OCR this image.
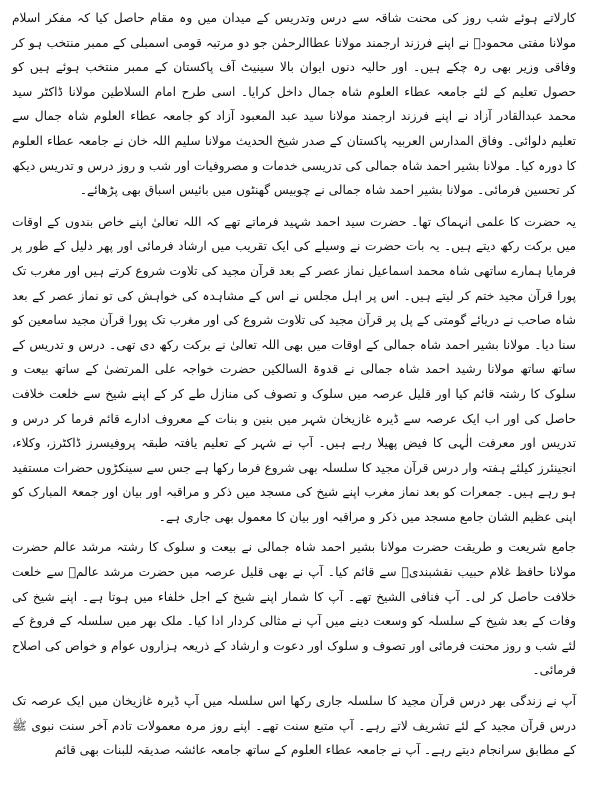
کارلاتے ہوئے شب روز کی محنت شاقہ سے درس وتدریس کے میدان میں وہ مقام حاصل کیا کہ مفکر اسلام مولانا مفتی محمودؒ نے اپنے فرزند ارجمند مولانا عطاالرحمٰن جو دو مرتبہ قومی اسمبلی کے ممبر منتخب ہو کر وفاقی وزیر بھی رہ چکے ہیں۔ اور حالیہ دنوں ایوان بالا سینیٹ آف پاکستان کے ممبر منتخب ہوئے ہیں کو حصول تعلیم کے لئے جامعہ عطاء العلوم شاہ جمال داخل کرایا۔ اسی طرح امام السلاطین مولانا ڈاکٹر سید محمد عبدالقادر آزاد نے اپنے فرزند ارجمند مولانا سید عبد المعبود آزاد کو جامعہ عطاء العلوم شاہ جمال سے تعلیم دلوائی۔ وفاق المدارس العربیہ پاکستان کے صدر شیخ الحدیث مولانا سلیم اللہ خان نے جامعہ عطاء العلوم کا دورہ کیا۔ مولانا بشیر احمد شاہ جمالی کی تدریسی خدمات و مصروفیات اور شب و روز درس و تدریس دیکھ کر تحسین فرمائی۔ مولانا بشیر احمد شاہ جمالی نے چوبیس گھنٹوں میں بائیس اسباق بھی پڑھائے۔

یہ حضرت کا علمی انہماک تھا۔ حضرت سید احمد شہید فرماتے تھے کہ اللہ تعالیٰ اپنے خاص بندوں کے اوقات میں برکت رکھ دیتے ہیں۔ یہ بات حضرت نے وسیلے کی ایک تقریب میں ارشاد فرمائی اور پھر دلیل کے طور پر فرمایا ہمارے ساتھی شاہ محمد اسماعیل نماز عصر کے بعد قرآن مجید کی تلاوت شروع کرتے ہیں اور مغرب تک پورا قرآن مجید ختم کر لیتے ہیں۔ اس پر اہل مجلس نے اس کے مشاہدہ کی خواہش کی تو نماز عصر کے بعد شاہ صاحب نے دریائے گومتی کے پل پر قرآن مجید کی تلاوت شروع کی اور مغرب تک پورا قرآن مجید سامعین کو سنا دیا۔ مولانا بشیر احمد شاہ جمالی کے اوقات میں بھی اللہ تعالیٰ نے برکت رکھ دی تھی۔ درس و تدریس کے ساتھ ساتھ مولانا رشید احمد شاہ جمالی نے قدوۃ السالکین حضرت خواجہ علی المرتضیٰ کے ساتھ بیعت و سلوک کا رشتہ قائم کیا اور قلیل عرصہ میں سلوک و تصوف کی منازل طے کر کے اپنے شیخ سے خلعت خلافت حاصل کی اور اب ایک عرصہ سے ڈیرہ غازیخان شہر میں بنین و بنات کے معروف ادارے قائم فرما کر درس و تدریس اور معرفت الٰہی کا فیض پھیلا رہے ہیں۔ آپ نے شہر کے تعلیم یافتہ طبقہ پروفیسرز ڈاکٹرز، وکلاء، انجینئرز کیلئے ہفتہ وار درس قرآن مجید کا سلسلہ بھی شروع فرما رکھا ہے جس سے سینکڑوں حضرات مستفید ہو رہے ہیں۔ جمعرات کو بعد نماز مغرب اپنے شیخ کی مسجد میں ذکر و مراقبہ اور بیان اور جمعۃ المبارک کو اپنی عظیم الشان جامع مسجد میں ذکر و مراقبہ اور بیان کا معمول بھی جاری ہے۔

جامع شریعت و طریقت حضرت مولانا بشیر احمد شاہ جمالی نے بیعت و سلوک کا رشتہ مرشد عالم حضرت مولانا حافظ غلام حبیب نقشبندیؒ سے قائم کیا۔ آپ نے بھی قلیل عرصہ میں حضرت مرشد عالمؒ سے خلعت خلافت حاصل کر لی۔ آپ فنافی الشیخ تھے۔ آپ کا شمار اپنے شیخ کے اجل خلفاء میں ہوتا ہے۔ اپنے شیخ کی وفات کے بعد شیخ کے سلسلہ کو وسعت دینے میں آپ نے مثالی کردار ادا کیا۔ ملک بھر میں سلسلہ کے فروغ کے لئے شب و روز محنت فرمائی اور تصوف و سلوک اور دعوت و ارشاد کے ذریعہ ہزاروں عوام و خواص کی اصلاح فرمائی۔

آپ نے زندگی بھر درس قرآن مجید کا سلسلہ جاری رکھا اس سلسلہ میں آپ ڈیرہ غازیخان میں ایک عرصہ تک درس قرآن مجید کے لئے تشریف لاتے رہے۔ آپ متبع سنت تھے۔ اپنے روز مرہ معمولات تادم آخر سنت نبوی ﷺ کے مطابق سرانجام دیتے رہے۔ آپ نے جامعہ عطاء العلوم کے ساتھ جامعہ عائشہ صدیقہ للبنات بھی قائم
